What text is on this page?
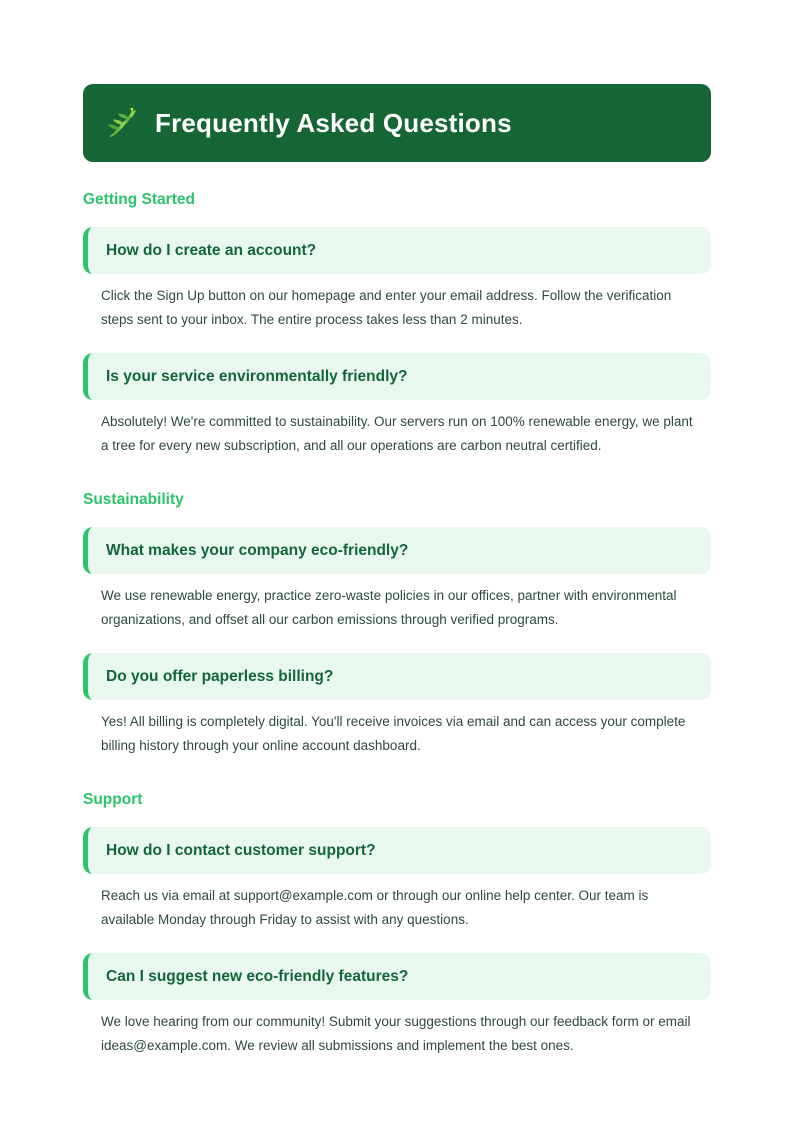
Frequently Asked Questions
Getting Started
How do I create an account?

Click the Sign Up button on our homepage and enter your email address. Follow the verification steps sent to your inbox. The entire process takes less than 2 minutes.

Is your service environmentally friendly?

Absolutely! We're committed to sustainability. Our servers run on 100% renewable energy, we plant a tree for every new subscription, and all our operations are carbon neutral certified.

Sustainability
What makes your company eco-friendly?

We use renewable energy, practice zero-waste policies in our offices, partner with environmental organizations, and offset all our carbon emissions through verified programs.

Do you offer paperless billing?

Yes! All billing is completely digital. You'll receive invoices via email and can access your complete billing history through your online account dashboard.

Support
How do I contact customer support?

Reach us via email at support@example.com or through our online help center. Our team is available Monday through Friday to assist with any questions.

Can I suggest new eco-friendly features?

We love hearing from our community! Submit your suggestions through our feedback form or email ideas@example.com. We review all submissions and implement the best ones.
